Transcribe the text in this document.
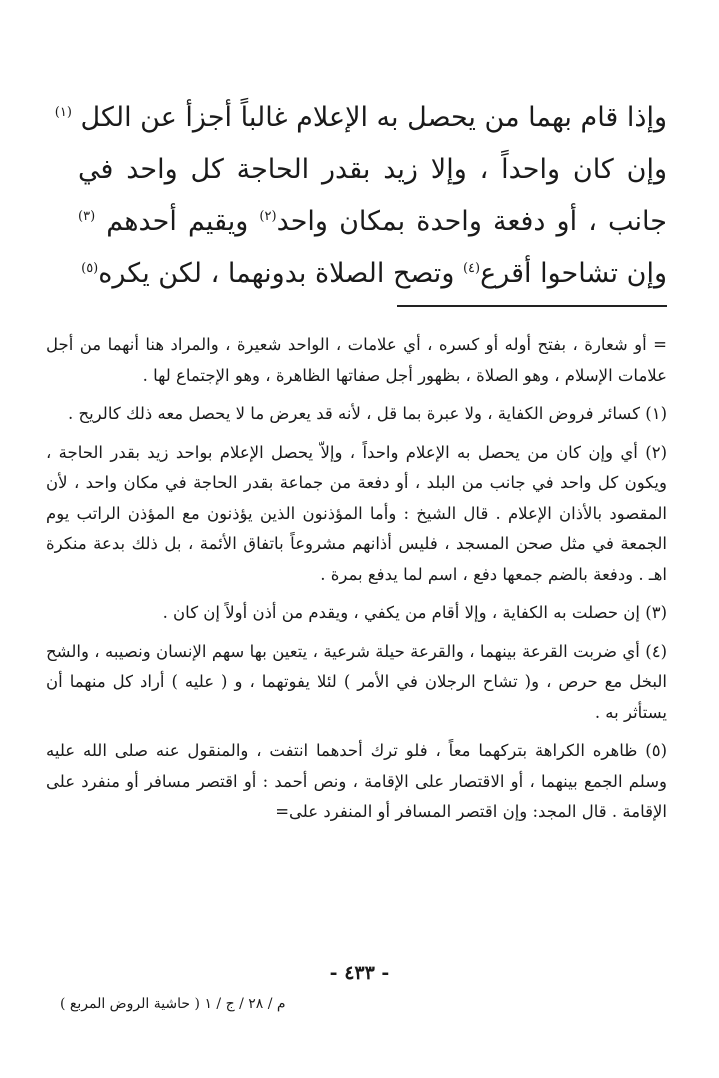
وإذا قام بهما من يحصل به الإعلام غالباً أجزأ عن الكل $^{(١)}$
وإن كان واحداً ، وإلا زيد بقدر الحاجة كل واحد في
جانب ، أو دفعة واحدة بمكان واحد$^{(٢)}$ ويقيم أحدهم $^{(٣)}$
وإن تشاحوا أقرع$^{(٤)}$ وتصح الصلاة بدونهما ، لكن يكره$^{(٥)}$

= أو شعارة ، بفتح أوله أو كسره ، أي علامات ، الواحد شعيرة ، والمراد هنا أنهما من أجل علامات الإسلام ، وهو الصلاة ، بظهور أجل صفاتها الظاهرة ، وهو الإجتماع لها .

(١) كسائر فروض الكفاية ، ولا عبرة بما قل ، لأنه قد يعرض ما لا يحصل معه ذلك كالريح .

(٢) أي وإن كان من يحصل به الإعلام واحداً ، وإلاّ يحصل الإعلام بواحد زيد بقدر الحاجة ، ويكون كل واحد في جانب من البلد ، أو دفعة من جماعة بقدر الحاجة في مكان واحد ، لأن المقصود بالأذان الإعلام . قال الشيخ : وأما المؤذنون الذين يؤذنون مع المؤذن الراتب يوم الجمعة في مثل صحن المسجد ، فليس أذانهم مشروعاً باتفاق الأئمة ، بل ذلك بدعة منكرة اهـ . ودفعة بالضم جمعها دفع ، اسم لما يدفع بمرة .

(٣) إن حصلت به الكفاية ، وإلا أقام من يكفي ، ويقدم من أذن أولاً إن كان .

(٤) أي ضربت القرعة بينهما ، والقرعة حيلة شرعية ، يتعين بها سهم الإنسان ونصيبه ، والشح البخل مع حرص ، و( تشاح الرجلان في الأمر ) لئلا يفوتهما ، و ( عليه ) أراد كل منهما أن يستأثر به .

(٥) ظاهره الكراهة بتركهما معاً ، فلو ترك أحدهما انتفت ، والمنقول عنه صلى الله عليه وسلم الجمع بينهما ، أو الاقتصار على الإقامة ، ونص أحمد : أو اقتصر مسافر أو منفرد على الإقامة . قال المجد: وإن اقتصر المسافر أو المنفرد على=

- ٤٣٣ -
م / ٢٨ / ج / ١ ( حاشية الروض المربع )
